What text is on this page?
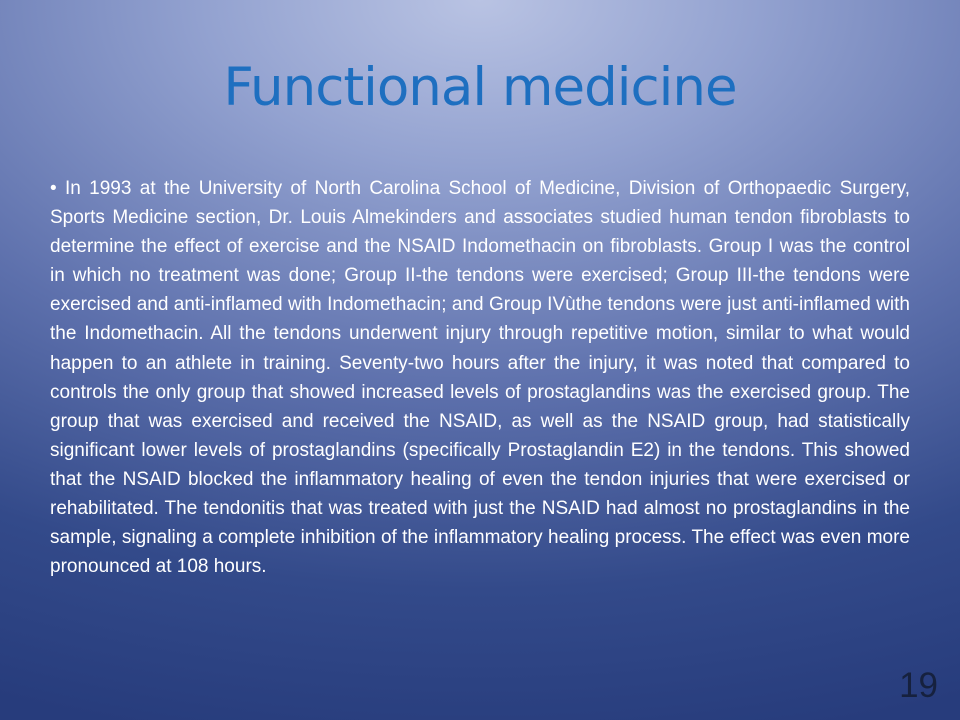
Functional medicine

• In 1993 at the University of North Carolina School of Medicine, Division of Orthopaedic Surgery, Sports Medicine section, Dr. Louis Almekinders and associates studied human tendon fibroblasts to determine the effect of exercise and the NSAID Indomethacin on fibroblasts. Group I was the control in which no treatment was done; Group II-the tendons were exercised; Group III-the tendons were exercised and anti-inflamed with Indomethacin; and Group IVùthe tendons were just anti-inflamed with the Indomethacin. All the tendons underwent injury through repetitive motion, similar to what would happen to an athlete in training. Seventy-two hours after the injury, it was noted that compared to controls the only group that showed increased levels of prostaglandins was the exercised group. The group that was exercised and received the NSAID, as well as the NSAID group, had statistically significant lower levels of prostaglandins (specifically Prostaglandin E2) in the tendons. This showed that the NSAID blocked the inflammatory healing of even the tendon injuries that were exercised or rehabilitated. The tendonitis that was treated with just the NSAID had almost no prostaglandins in the sample, signaling a complete inhibition of the inflammatory healing process. The effect was even more pronounced at 108 hours.

19
